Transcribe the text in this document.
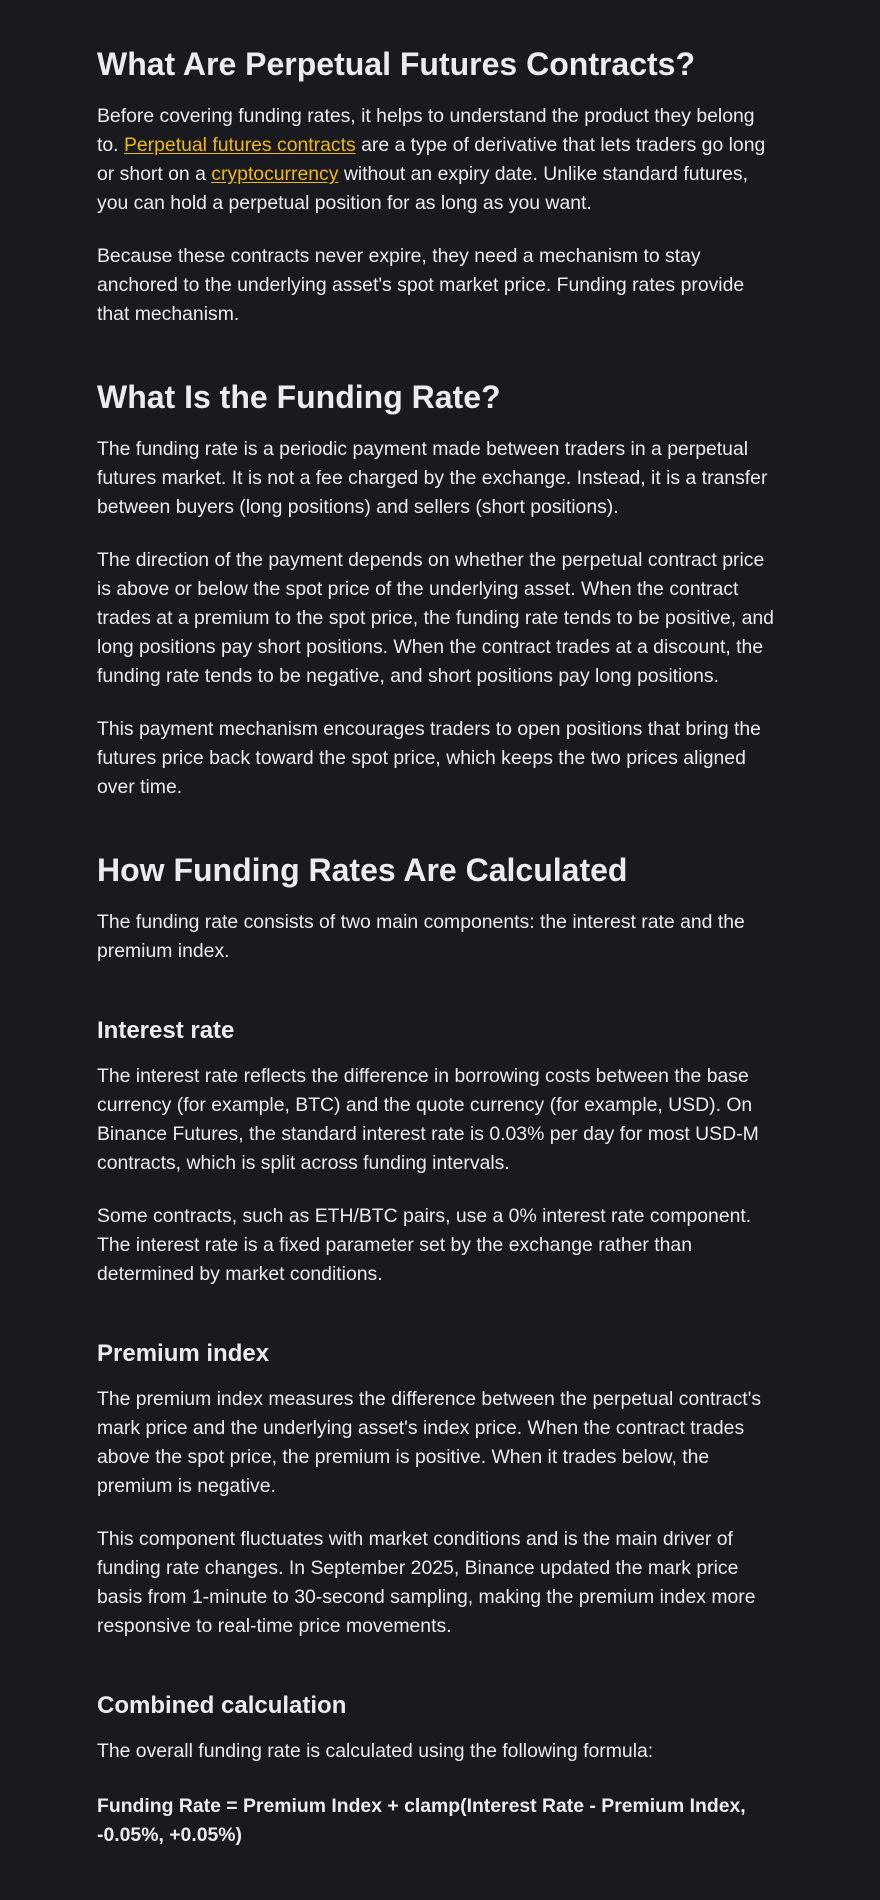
What Are Perpetual Futures Contracts?

Before covering funding rates, it helps to understand the product they belong to. Perpetual futures contracts are a type of derivative that lets traders go long or short on a cryptocurrency without an expiry date. Unlike standard futures, you can hold a perpetual position for as long as you want.

Because these contracts never expire, they need a mechanism to stay anchored to the underlying asset's spot market price. Funding rates provide that mechanism.

What Is the Funding Rate?

The funding rate is a periodic payment made between traders in a perpetual futures market. It is not a fee charged by the exchange. Instead, it is a transfer between buyers (long positions) and sellers (short positions).

The direction of the payment depends on whether the perpetual contract price is above or below the spot price of the underlying asset. When the contract trades at a premium to the spot price, the funding rate tends to be positive, and long positions pay short positions. When the contract trades at a discount, the funding rate tends to be negative, and short positions pay long positions.

This payment mechanism encourages traders to open positions that bring the futures price back toward the spot price, which keeps the two prices aligned over time.

How Funding Rates Are Calculated

The funding rate consists of two main components: the interest rate and the premium index.

Interest rate

The interest rate reflects the difference in borrowing costs between the base currency (for example, BTC) and the quote currency (for example, USD). On Binance Futures, the standard interest rate is 0.03% per day for most USD-M contracts, which is split across funding intervals.

Some contracts, such as ETH/BTC pairs, use a 0% interest rate component. The interest rate is a fixed parameter set by the exchange rather than determined by market conditions.

Premium index

The premium index measures the difference between the perpetual contract's mark price and the underlying asset's index price. When the contract trades above the spot price, the premium is positive. When it trades below, the premium is negative.

This component fluctuates with market conditions and is the main driver of funding rate changes. In September 2025, Binance updated the mark price basis from 1-minute to 30-second sampling, making the premium index more responsive to real-time price movements.

Combined calculation

The overall funding rate is calculated using the following formula:

Funding Rate = Premium Index + clamp(Interest Rate - Premium Index, -0.05%, +0.05%)
